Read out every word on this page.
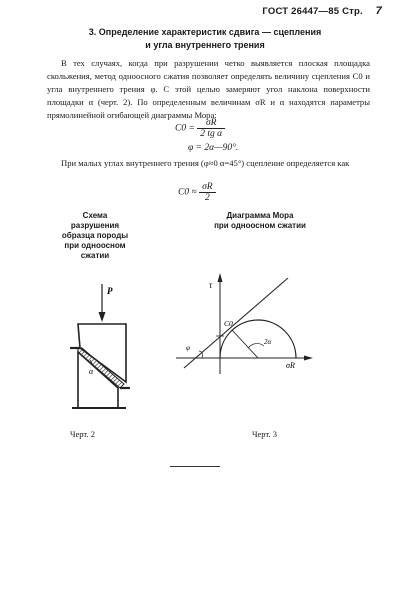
ГОСТ 26447—85 Стр. 7
3. Определение характеристик сдвига — сцепления
и угла внутреннего трения
В тех случаях, когда при разрушении четко выявляется плоская площадка скольжения, метод одноосного сжатия позволяет определять величину сцепления C0 и угла внутреннего трения φ. С этой целью замеряют угол наклона поверхности площадки α (черт. 2). По определенным величинам σR и α находятся параметры прямолинейной огибающей диаграммы Мора:
$C0 = \frac{\sigma R}{\text{2 tg α}}$
φ = 2α—90°.
При малых углах внутреннего трения (φ≈0 α=45°) сцепление определяется как
$C0 \approx \frac{\sigma R}{2}$
Схема разрушения образца породы при одноосном сжатии
Диаграмма Мора
при одноосном сжатии
P
α
τ
σR
C0
φ
2α
Черт. 2	Черт. 3
